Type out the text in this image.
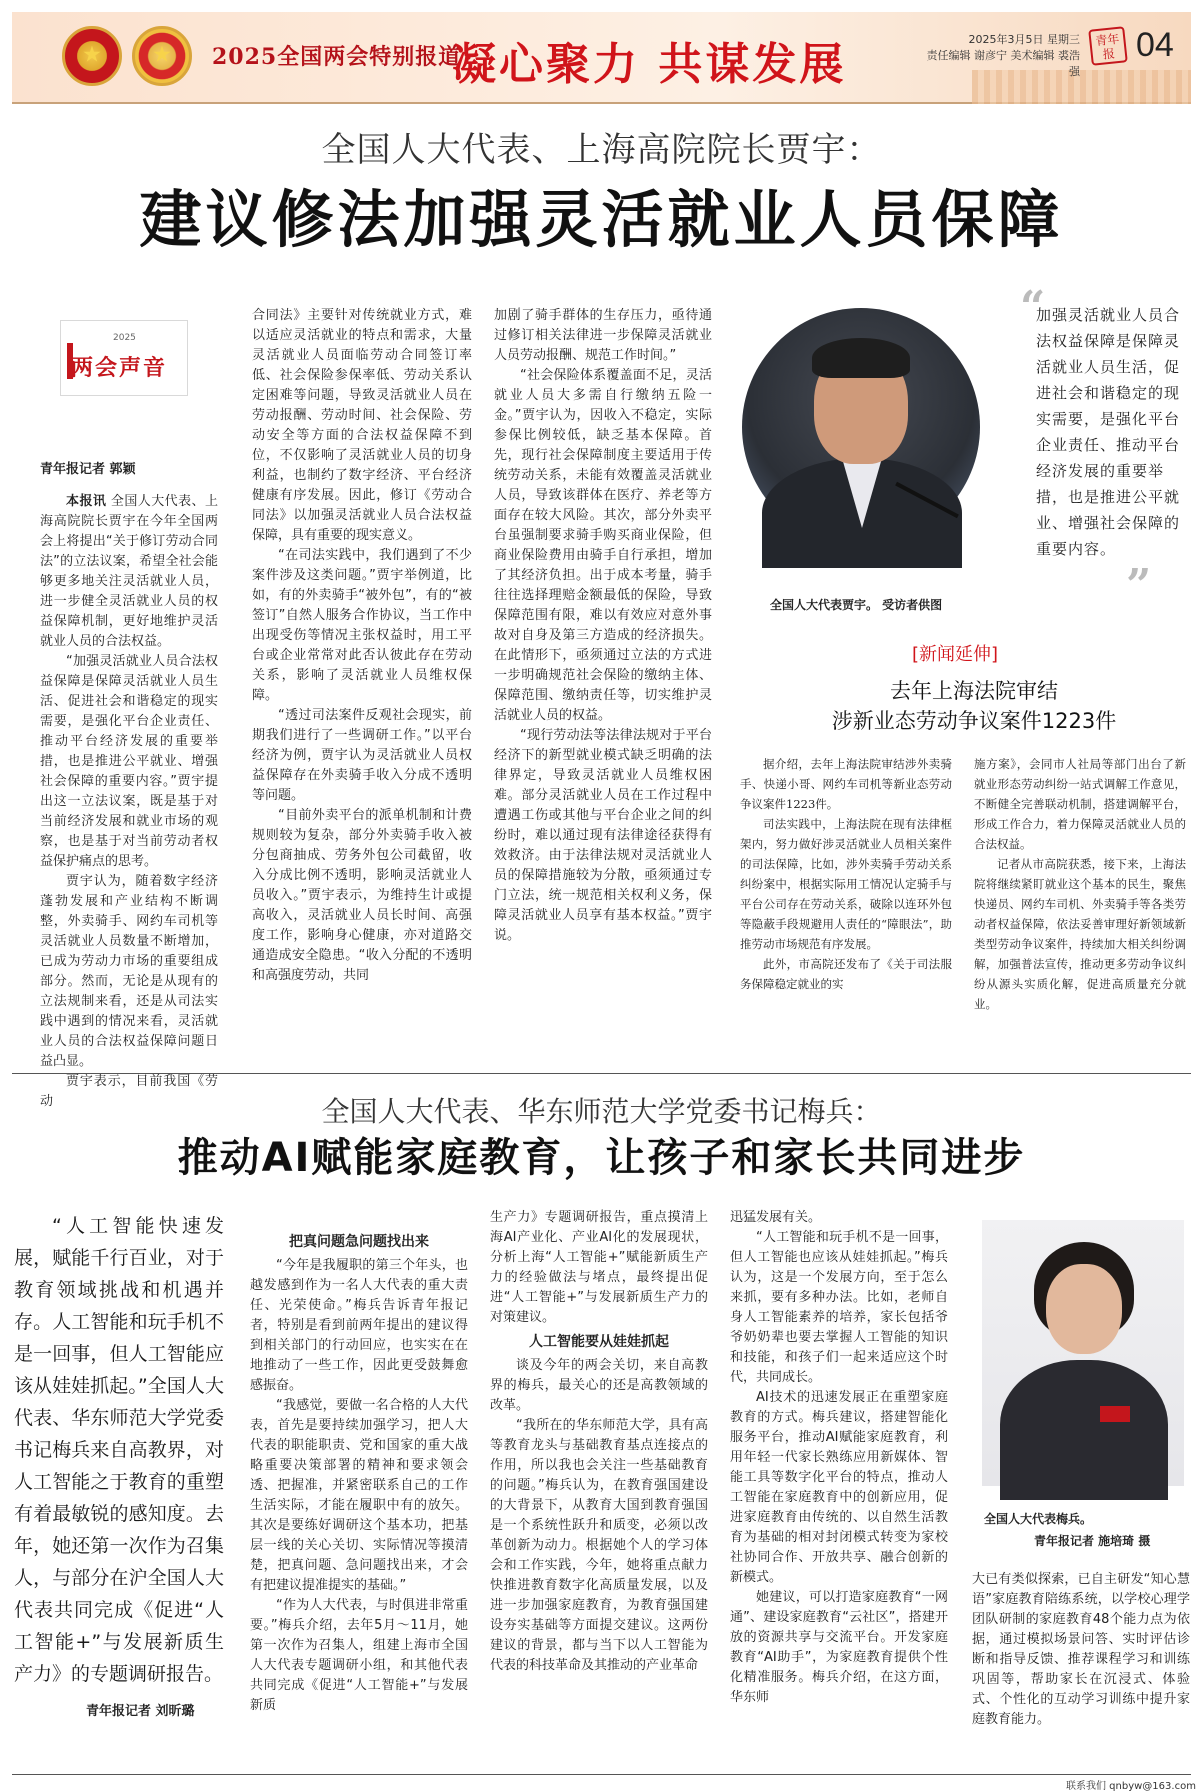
★ ★ 2025全国两会特别报道
凝心聚力 共谋发展	2025年3月5日 星期三
责任编辑 谢彦宁 美术编辑 裘浩强
青年报 04
全国人大代表、上海高院院长贾宇：
建议修法加强灵活就业人员保障
2025
两会声音
青年报记者 郭颖

本报讯 全国人大代表、上海高院院长贾宇在今年全国两会上将提出“关于修订劳动合同法”的立法议案，希望全社会能够更多地关注灵活就业人员，进一步健全灵活就业人员的权益保障机制，更好地维护灵活就业人员的合法权益。

“加强灵活就业人员合法权益保障是保障灵活就业人员生活、促进社会和谐稳定的现实需要，是强化平台企业责任、推动平台经济发展的重要举措，也是推进公平就业、增强社会保障的重要内容。”贾宇提出这一立法议案，既是基于对当前经济发展和就业市场的观察，也是基于对当前劳动者权益保护痛点的思考。

贾宇认为，随着数字经济蓬勃发展和产业结构不断调整，外卖骑手、网约车司机等灵活就业人员数量不断增加，已成为劳动力市场的重要组成部分。然而，无论是从现有的立法规制来看，还是从司法实践中遇到的情况来看，灵活就业人员的合法权益保障问题日益凸显。

贾宇表示，目前我国《劳动

合同法》主要针对传统就业方式，难以适应灵活就业的特点和需求，大量灵活就业人员面临劳动合同签订率低、社会保险参保率低、劳动关系认定困难等问题，导致灵活就业人员在劳动报酬、劳动时间、社会保险、劳动安全等方面的合法权益保障不到位，不仅影响了灵活就业人员的切身利益，也制约了数字经济、平台经济健康有序发展。因此，修订《劳动合同法》以加强灵活就业人员合法权益保障，具有重要的现实意义。

“在司法实践中，我们遇到了不少案件涉及这类问题。”贾宇举例道，比如，有的外卖骑手“被外包”，有的“被签订”自然人服务合作协议，当工作中出现受伤等情况主张权益时，用工平台或企业常常对此否认彼此存在劳动关系，影响了灵活就业人员维权保障。

“透过司法案件反观社会现实，前期我们进行了一些调研工作。”以平台经济为例，贾宇认为灵活就业人员权益保障存在外卖骑手收入分成不透明等问题。

“目前外卖平台的派单机制和计费规则较为复杂，部分外卖骑手收入被分包商抽成、劳务外包公司截留，收入分成比例不透明，影响灵活就业人员收入。”贾宇表示，为维持生计或提高收入，灵活就业人员长时间、高强度工作，影响身心健康，亦对道路交通造成安全隐患。“收入分配的不透明和高强度劳动，共同

加剧了骑手群体的生存压力，亟待通过修订相关法律进一步保障灵活就业人员劳动报酬、规范工作时间。”

“社会保险体系覆盖面不足，灵活就业人员大多需自行缴纳五险一金。”贾宇认为，因收入不稳定，实际参保比例较低，缺乏基本保障。首先，现行社会保障制度主要适用于传统劳动关系，未能有效覆盖灵活就业人员，导致该群体在医疗、养老等方面存在较大风险。其次，部分外卖平台虽强制要求骑手购买商业保险，但商业保险费用由骑手自行承担，增加了其经济负担。出于成本考量，骑手往往选择理赔金额最低的保险，导致保障范围有限，难以有效应对意外事故对自身及第三方造成的经济损失。在此情形下，亟须通过立法的方式进一步明确规范社会保险的缴纳主体、保障范围、缴纳责任等，切实维护灵活就业人员的权益。

“现行劳动法等法律法规对于平台经济下的新型就业模式缺乏明确的法律界定，导致灵活就业人员维权困难。部分灵活就业人员在工作过程中遭遇工伤或其他与平台企业之间的纠纷时，难以通过现有法律途径获得有效救济。由于法律法规对灵活就业人员的保障措施较为分散，亟须通过专门立法，统一规范相关权利义务，保障灵活就业人员享有基本权益。”贾宇说。

全国人大代表贾宇。 受访者供图
“
加强灵活就业人员合法权益保障是保障灵活就业人员生活，促进社会和谐稳定的现实需要，是强化平台企业责任、推动平台经济发展的重要举措，也是推进公平就业、增强社会保障的重要内容。
”
[新闻延伸]
去年上海法院审结
涉新业态劳动争议案件1223件

据介绍，去年上海法院审结涉外卖骑手、快递小哥、网约车司机等新业态劳动争议案件1223件。

司法实践中，上海法院在现有法律框架内，努力做好涉灵活就业人员相关案件的司法保障，比如，涉外卖骑手劳动关系纠纷案中，根据实际用工情况认定骑手与平台公司存在劳动关系，破除以连环外包等隐蔽手段规避用人责任的“障眼法”，助推劳动市场规范有序发展。

此外，市高院还发布了《关于司法服务保障稳定就业的实

施方案》，会同市人社局等部门出台了新就业形态劳动纠纷一站式调解工作意见，不断健全完善联动机制，搭建调解平台，形成工作合力，着力保障灵活就业人员的合法权益。

记者从市高院获悉，接下来，上海法院将继续紧盯就业这个基本的民生，聚焦快递员、网约车司机、外卖骑手等各类劳动者权益保障，依法妥善审理好新领域新类型劳动争议案件，持续加大相关纠纷调解，加强普法宣传，推动更多劳动争议纠纷从源头实质化解，促进高质量充分就业。

全国人大代表、华东师范大学党委书记梅兵：
推动AI赋能家庭教育，让孩子和家长共同进步

“人工智能快速发展，赋能千行百业，对于教育领域挑战和机遇并存。人工智能和玩手机不是一回事，但人工智能应该从娃娃抓起。”全国人大代表、华东师范大学党委书记梅兵来自高教界，对人工智能之于教育的重塑有着最敏锐的感知度。去年，她还第一次作为召集人，与部分在沪全国人大代表共同完成《促进“人工智能+”与发展新质生产力》的专题调研报告。

青年报记者 刘昕璐

把真问题急问题找出来

“今年是我履职的第三个年头，也越发感到作为一名人大代表的重大责任、光荣使命。”梅兵告诉青年报记者，特别是看到前两年提出的建议得到相关部门的行动回应，也实实在在地推动了一些工作，因此更受鼓舞愈感振奋。

“我感觉，要做一名合格的人大代表，首先是要持续加强学习，把人大代表的职能职责、党和国家的重大战略重要决策部署的精神和要求领会透、把握准，并紧密联系自己的工作生活实际，才能在履职中有的放矢。其次是要练好调研这个基本功，把基层一线的关心关切、实际情况等摸清楚，把真问题、急问题找出来，才会有把建议提准提实的基础。”

“作为人大代表，与时俱进非常重要。”梅兵介绍，去年5月～11月，她第一次作为召集人，组建上海市全国人大代表专题调研小组，和其他代表共同完成《促进“人工智能+”与发展新质

生产力》专题调研报告，重点摸清上海AI产业化、产业AI化的发展现状，分析上海“人工智能+”赋能新质生产力的经验做法与堵点，最终提出促进“人工智能+”与发展新质生产力的对策建议。

人工智能要从娃娃抓起

谈及今年的两会关切，来自高教界的梅兵，最关心的还是高教领域的改革。

“我所在的华东师范大学，具有高等教育龙头与基础教育基点连接点的作用，所以我也会关注一些基础教育的问题。”梅兵认为，在教育强国建设的大背景下，从教育大国到教育强国是一个系统性跃升和质变，必须以改革创新为动力。根据她个人的学习体会和工作实践，今年，她将重点献力快推进教育数字化高质量发展，以及进一步加强家庭教育，为教育强国建设夯实基础等方面提交建议。这两份建议的背景，都与当下以人工智能为代表的科技革命及其推动的产业革命

迅猛发展有关。

“人工智能和玩手机不是一回事，但人工智能也应该从娃娃抓起。”梅兵认为，这是一个发展方向，至于怎么来抓，要有多种办法。比如，老师自身人工智能素养的培养，家长包括爷爷奶奶辈也要去掌握人工智能的知识和技能，和孩子们一起来适应这个时代，共同成长。

AI技术的迅速发展正在重塑家庭教育的方式。梅兵建议，搭建智能化服务平台，推动AI赋能家庭教育，利用年轻一代家长熟练应用新媒体、智能工具等数字化平台的特点，推动人工智能在家庭教育中的创新应用，促进家庭教育由传统的、以自然生活教育为基础的相对封闭模式转变为家校社协同合作、开放共享、融合创新的新模式。

她建议，可以打造家庭教育“一网通”、建设家庭教育“云社区”，搭建开放的资源共享与交流平台。开发家庭教育“AI助手”，为家庭教育提供个性化精准服务。梅兵介绍，在这方面，华东师

全国人大代表梅兵。
青年报记者 施培琦 摄

大已有类似探索，已自主研发“知心慧语”家庭教育陪练系统，以学校心理学团队研制的家庭教育48个能力点为依据，通过模拟场景问答、实时评估诊断和指导反馈、推荐课程学习和训练巩固等，帮助家长在沉浸式、体验式、个性化的互动学习训练中提升家庭教育能力。

联系我们 qnbyw@163.com
